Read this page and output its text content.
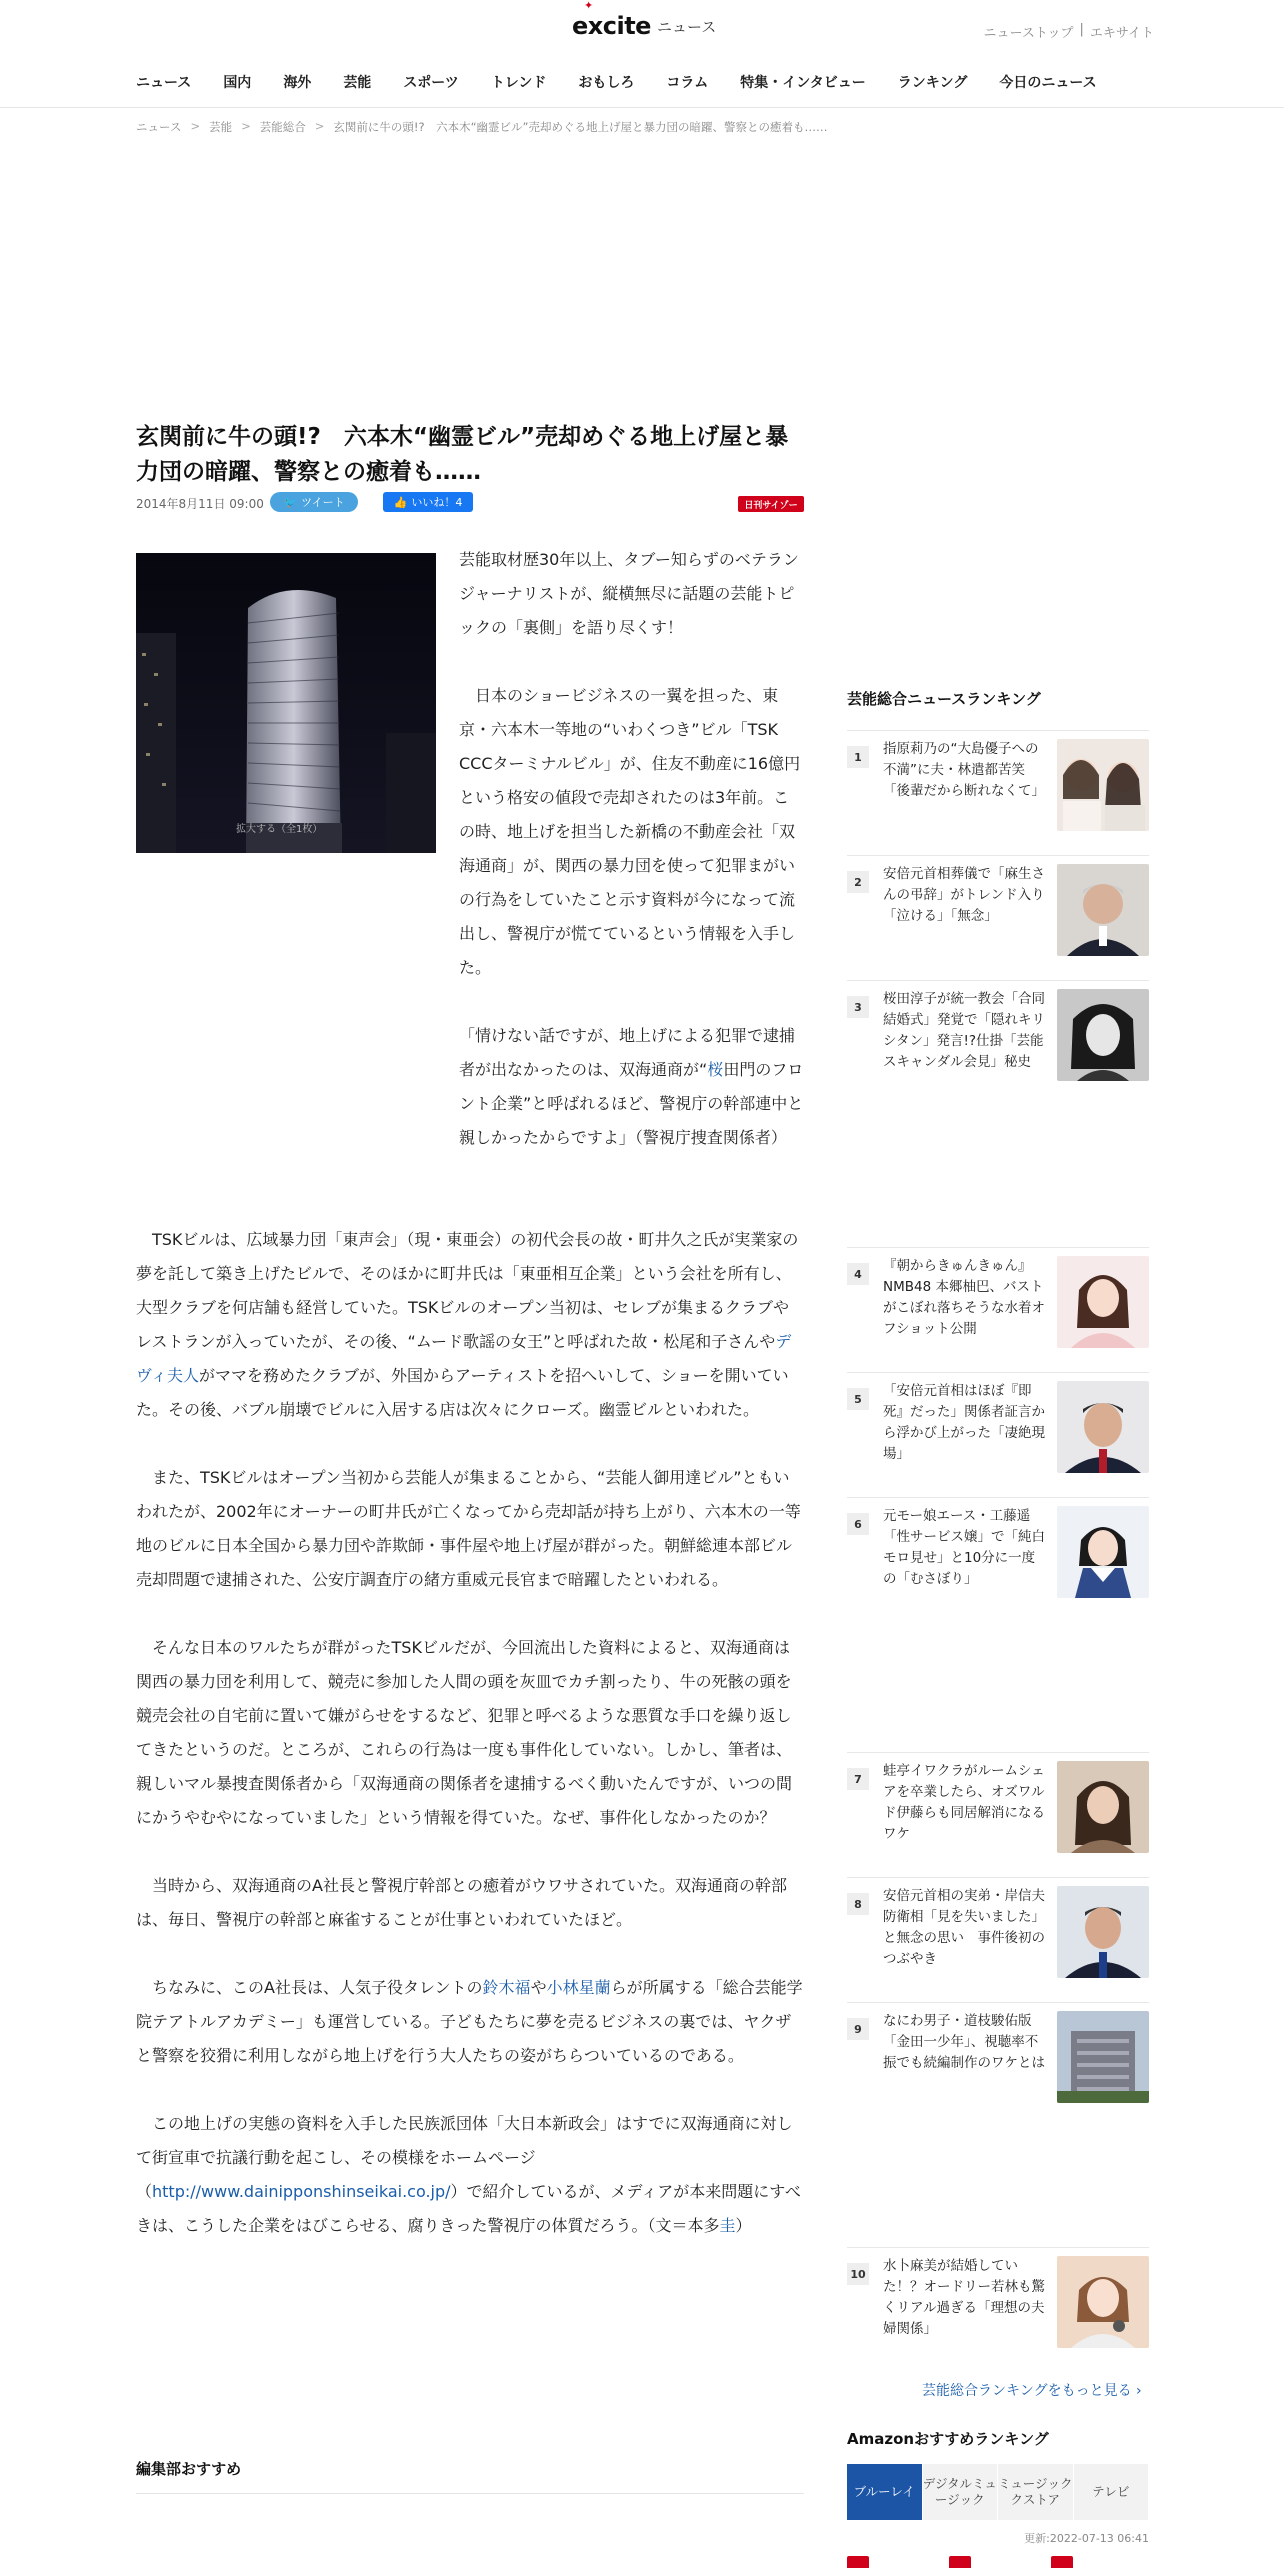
✦
excite ニュース	ニューストップ | エキサイト
ニュース 国内 海外 芸能 スポーツ トレンド おもしろ コラム 特集・インタビュー ランキング 今日のニュース
ニュース > 芸能 > 芸能総合 > 玄関前に牛の頭!?　六本木“幽霊ビル”売却めぐる地上げ屋と暴力団の暗躍、警察との癒着も……
玄関前に牛の頭!?　六本木“幽霊ビル”売却めぐる地上げ屋と暴力団の暗躍、警察との癒着も……
2014年8月11日 09:00 🐦 ツイート	👍 いいね！4	日刊サイゾー
拡大する（全1枚）

芸能取材歴30年以上、タブー知らずのベテランジャーナリストが、縦横無尽に話題の芸能トピックの「裏側」を語り尽くす！

　日本のショービジネスの一翼を担った、東京・六本木一等地の“いわくつき”ビル「TSK CCCターミナルビル」が、住友不動産に16億円という格安の値段で売却されたのは3年前。この時、地上げを担当した新橋の不動産会社「双海通商」が、関西の暴力団を使って犯罪まがいの行為をしていたこと示す資料が今になって流出し、警視庁が慌てているという情報を入手した。

「情けない話ですが、地上げによる犯罪で逮捕者が出なかったのは、双海通商が“桜田門のフロント企業”と呼ばれるほど、警視庁の幹部連中と親しかったからですよ」（警視庁捜査関係者）

　TSKビルは、広域暴力団「東声会」（現・東亜会）の初代会長の故・町井久之氏が実業家の夢を託して築き上げたビルで、そのほかに町井氏は「東亜相互企業」という会社を所有し、大型クラブを何店舗も経営していた。TSKビルのオープン当初は、セレブが集まるクラブやレストランが入っていたが、その後、“ムード歌謡の女王”と呼ばれた故・松尾和子さんやデヴィ夫人がママを務めたクラブが、外国からアーティストを招へいして、ショーを開いていた。その後、バブル崩壊でビルに入居する店は次々にクローズ。幽霊ビルといわれた。

　また、TSKビルはオープン当初から芸能人が集まることから、“芸能人御用達ビル”ともいわれたが、2002年にオーナーの町井氏が亡くなってから売却話が持ち上がり、六本木の一等地のビルに日本全国から暴力団や詐欺師・事件屋や地上げ屋が群がった。朝鮮総連本部ビル売却問題で逮捕された、公安庁調査庁の緒方重威元長官まで暗躍したといわれる。

　そんな日本のワルたちが群がったTSKビルだが、今回流出した資料によると、双海通商は関西の暴力団を利用して、競売に参加した人間の頭を灰皿でカチ割ったり、牛の死骸の頭を競売会社の自宅前に置いて嫌がらせをするなど、犯罪と呼べるような悪質な手口を繰り返してきたというのだ。ところが、これらの行為は一度も事件化していない。しかし、筆者は、親しいマル暴捜査関係者から「双海通商の関係者を逮捕するべく動いたんですが、いつの間にかうやむやになっていました」という情報を得ていた。なぜ、事件化しなかったのか？

　当時から、双海通商のA社長と警視庁幹部との癒着がウワサされていた。双海通商の幹部は、毎日、警視庁の幹部と麻雀することが仕事といわれていたほど。

　ちなみに、このA社長は、人気子役タレントの鈴木福や小林星蘭らが所属する「総合芸能学院テアトルアカデミー」も運営している。子どもたちに夢を売るビジネスの裏では、ヤクザと警察を狡猾に利用しながら地上げを行う大人たちの姿がちらついているのである。

　この地上げの実態の資料を入手した民族派団体「大日本新政会」はすでに双海通商に対して街宣車で抗議行動を起こし、その模様をホームページ（http://www.dainipponshinseikai.co.jp/）で紹介しているが、メディアが本来問題にすべきは、こうした企業をはびこらせる、腐りきった警視庁の体質だろう。（文＝本多圭）

編集部おすすめ
芸能総合ニュースランキング
1	指原莉乃の“大島優子への不満”に夫・林遣都苦笑　「後輩だから断れなくて」
2	安倍元首相葬儀で「麻生さんの弔辞」がトレンド入り「泣ける」「無念」
3	桜田淳子が統一教会「合同結婚式」発覚で「隠れキリシタン」発言!?仕掛「芸能スキャンダル会見」秘史
4	『朝からきゅんきゅん』NMB48 本郷柚巴、バストがこぼれ落ちそうな水着オフショット公開
5	「安倍元首相はほぼ『即死』だった」関係者証言から浮かび上がった「凄絶現場」
6	元モー娘エース・工藤遥「性サービス嬢」で「純白モロ見せ」と10分に一度の「むさぼり」
7	蛙亭イワクラがルームシェアを卒業したら、オズワルド伊藤らも同居解消になるワケ
8	安倍元首相の実弟・岸信夫防衛相「見を失いました」と無念の思い　事件後初のつぶやき
9	なにわ男子・道枝駿佑版「金田一少年」、視聴率不振でも続編制作のワケとは
10 水卜麻美が結婚していた！？オードリー若林も驚くリアル過ぎる「理想の夫婦関係」
芸能総合ランキングをもっと見る ›
Amazonおすすめランキング
ブルーレイ
デジタルミュージック
ミュージッククストア
テレビ
更新:2022-07-13 06:41
